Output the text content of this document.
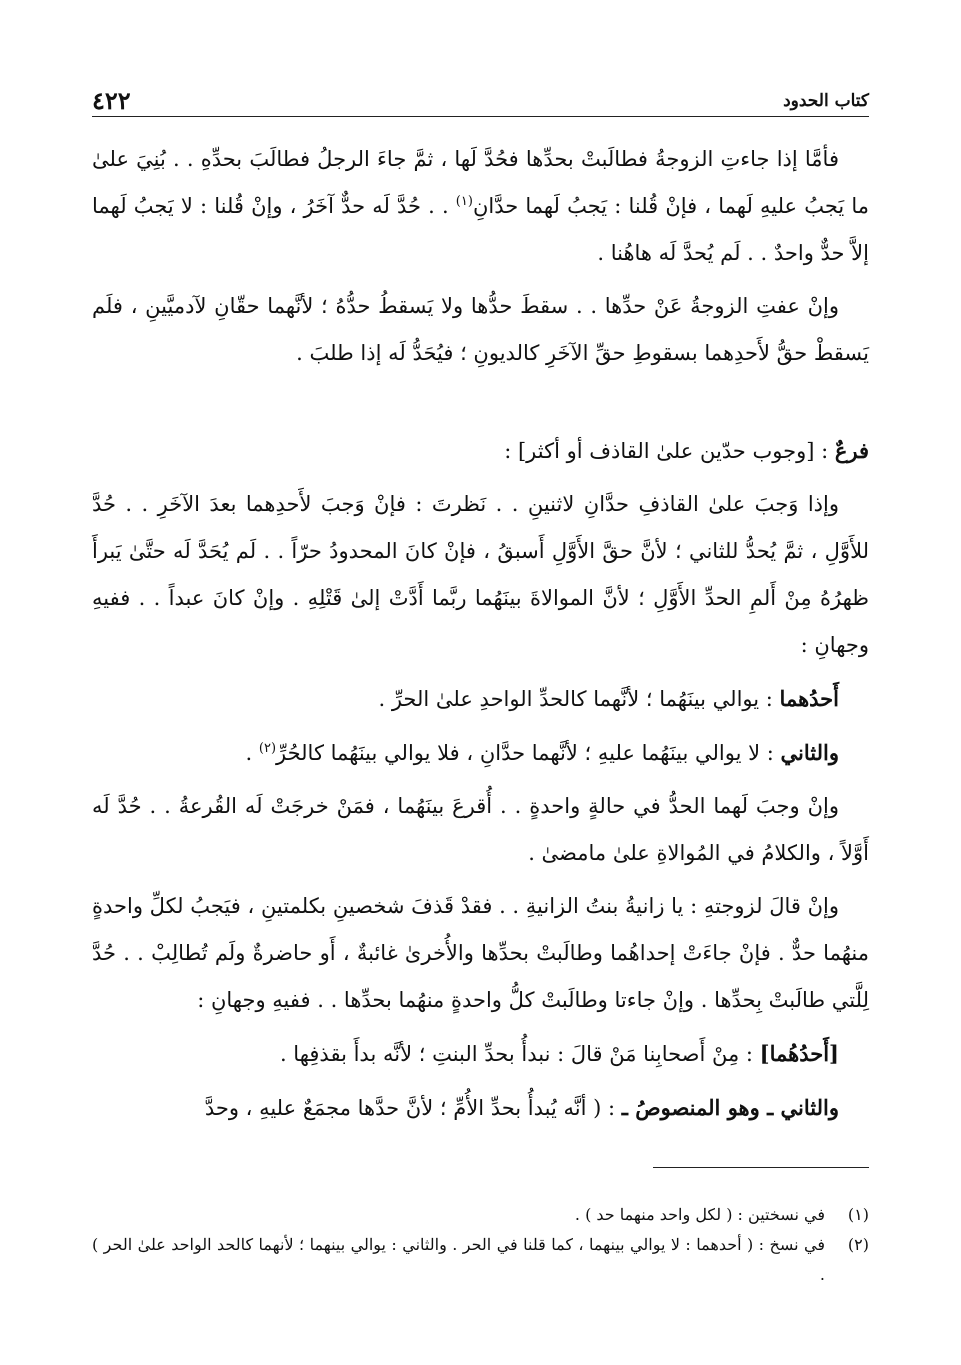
كتاب الحدود
٤٢٢

فأمَّا إذا جاءتِ الزوجةُ فطالَبتْ بحدِّها فحُدَّ لَها ، ثمَّ جاءَ الرجلُ فطالَبَ بحدِّهِ . . بُنِيَ علىٰ ما يَجبُ عليهِ لَهما ، فإنْ قُلنا : يَجبُ لَهما حدَّانِ$^{(١)}$ . . حُدَّ لَه حدٌّ آخَرُ ، وإنْ قُلنا : لا يَجبُ لَهما إلاَّ حدٌّ واحدٌ . . لَم يُحدَّ لَه هاهُنا .

وإنْ عفتِ الزوجةُ عَنْ حدِّها . . سقطَ حدُّها ولا يَسقطُ حدُّهُ ؛ لأنَّهما حقّانِ لآدميَّينِ ، فلَم يَسقطْ حقُّ لأَحدِهما بسقوطِ حقِّ الآخَرِ كالديونِ ؛ فيُحَدُّ لَه إذا طلبَ .

فرعٌ : [وجوب حدّين علىٰ القاذف أو أكثر] :

وإذا وَجبَ علىٰ القاذفِ حدَّانِ لاثنينِ . . نَظرتَ : فإنْ وَجبَ لأَحدِهما بعدَ الآخَرِ . . حُدَّ للأَوَّلِ ، ثمَّ يُحدُّ للثاني ؛ لأنَّ حقَّ الأَوَّلِ أَسبقُ ، فإنْ كانَ المحدودُ حرّاً . . لَم يُحَدَّ لَه حتَّىٰ يَبرأَ ظهرُهُ مِنْ أَلمِ الحدِّ الأَوَّلِ ؛ لأنَّ الموالاةَ بينَهُما ربَّما أَدَّتْ إلىٰ قَتْلِهِ . وإنْ كانَ عبداً . . ففيهِ وجهانِ :

أَحدُهما : يوالي بينَهُما ؛ لأنَّهما كالحدِّ الواحدِ علىٰ الحرِّ .

والثاني : لا يوالي بينَهُما عليهِ ؛ لأنَّهما حدَّانِ ، فلا يوالي بينَهُما كالحُرِّ$^{(٢)}$ .

وإنْ وجبَ لَهما الحدُّ في حالةٍ واحدةٍ . . أُقرعَ بينَهُما ، فمَنْ خرجَتْ لَه القُرعةُ . . حُدَّ لَه أَوَّلاً ، والكلامُ في المُوالاةِ علىٰ مامضىٰ .

وإنْ قالَ لزوجتهِ : يا زانيةُ بنتُ الزانيةِ . . فقدْ قَذفَ شخصينِ بكلمتينِ ، فيَجبُ لكلِّ واحدةٍ منهُما حدٌّ . فإنْ جاءَتْ إحداهُما وطالَبتْ بحدِّها والأُخرىٰ غائبةٌ ، أَو حاضرةٌ ولَم تُطالِبْ . . حُدَّ لِلَّتي طالَبتْ بِحدِّها . وإنْ جاءتا وطالَبتْ كلُّ واحدةٍ منهُما بحدِّها . . ففيهِ وجهانِ :

[أَحدُهُما] : مِنْ أَصحابِنا مَنْ قالَ : نبدأُ بحدِّ البنتِ ؛ لأنَّه بدأَ بقذفِها .

والثاني ـ وهو المنصوصُ ـ : ( أنَّه يُبدأُ بحدِّ الأُمِّ ؛ لأنَّ حدَّها مجمَعٌ عليهِ ، وحدَّ

(١)
في نسختين : ( لكل واحد منهما حد ) .

(٢)
في نسخ : ( أحدهما : لا يوالي بينهما ، كما قلنا في الحر . والثاني : يوالي بينهما ؛ لأنهما كالحد الواحد علىٰ الحر ) .
